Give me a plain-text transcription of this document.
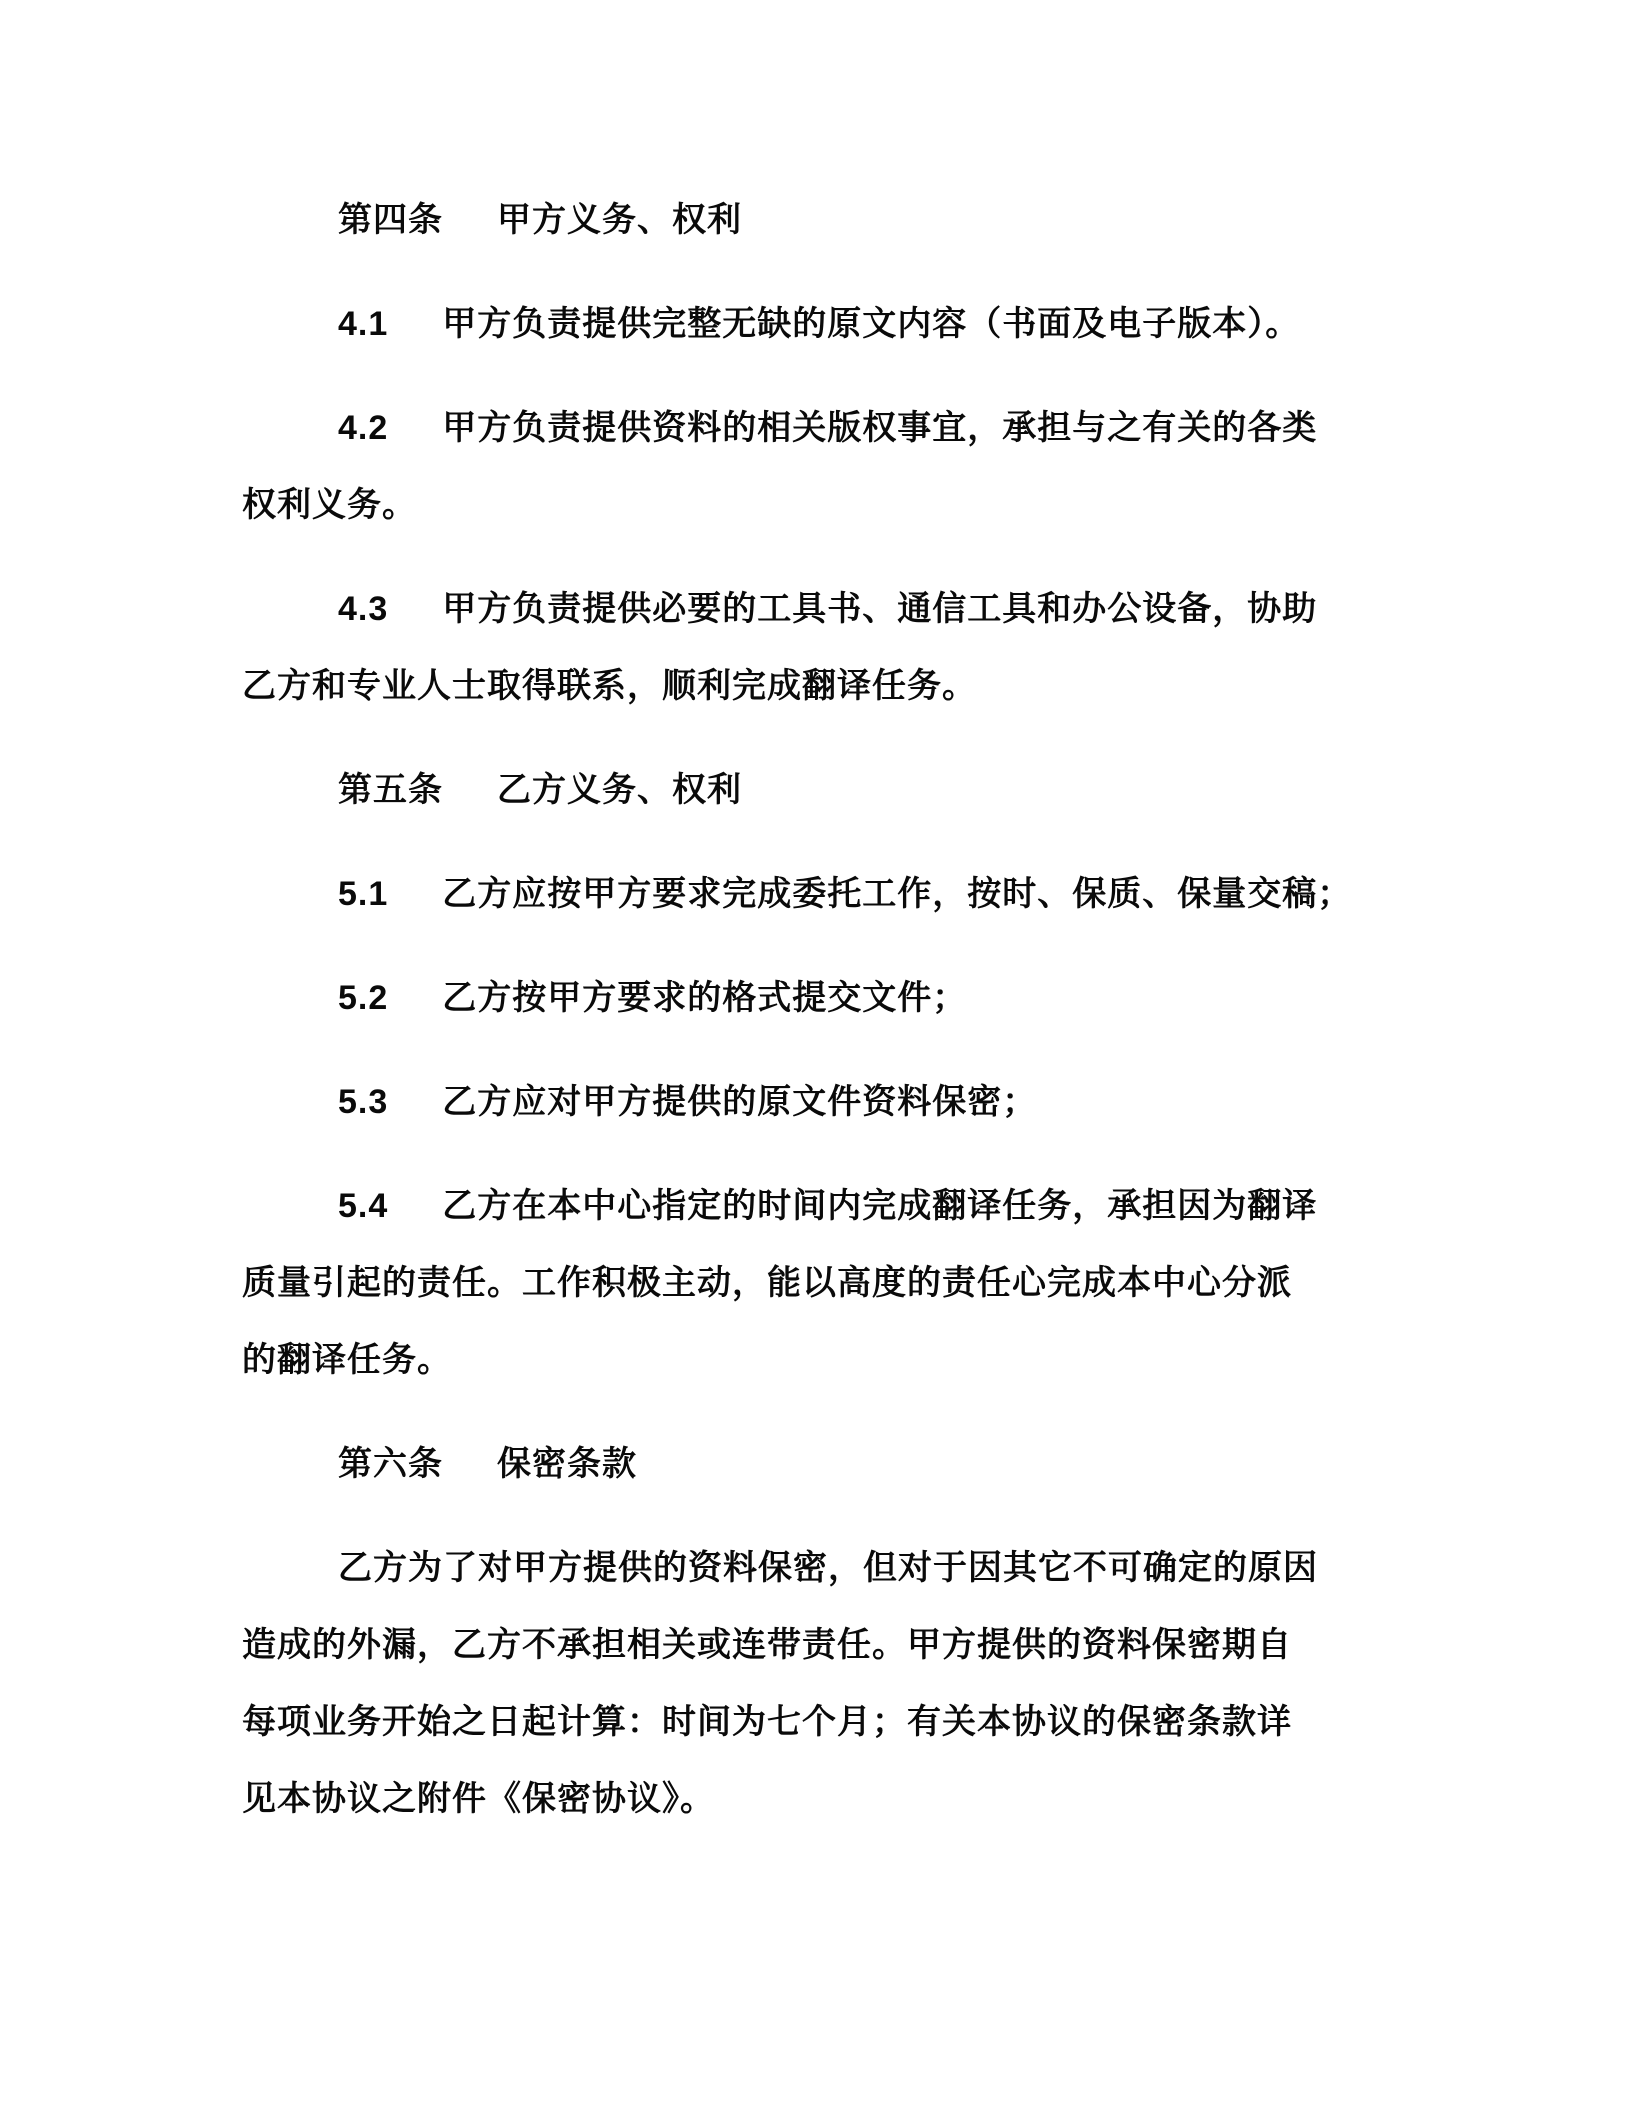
第四条 甲方义务、权利
4.1 甲方负责提供完整无缺的原文内容（书面及电子版本）。
4.2 甲方负责提供资料的相关版权事宜，承担与之有关的各类
权利义务。
4.3 甲方负责提供必要的工具书、通信工具和办公设备，协助
乙方和专业人士取得联系，顺利完成翻译任务。
第五条 乙方义务、权利
5.1 乙方应按甲方要求完成委托工作，按时、保质、保量交稿；
5.2 乙方按甲方要求的格式提交文件；
5.3 乙方应对甲方提供的原文件资料保密；
5.4 乙方在本中心指定的时间内完成翻译任务，承担因为翻译
质量引起的责任。工作积极主动，能以高度的责任心完成本中心分派
的翻译任务。
第六条 保密条款
乙方为了对甲方提供的资料保密，但对于因其它不可确定的原因
造成的外漏，乙方不承担相关或连带责任。甲方提供的资料保密期自
每项业务开始之日起计算：时间为七个月；有关本协议的保密条款详
见本协议之附件《保密协议》。
